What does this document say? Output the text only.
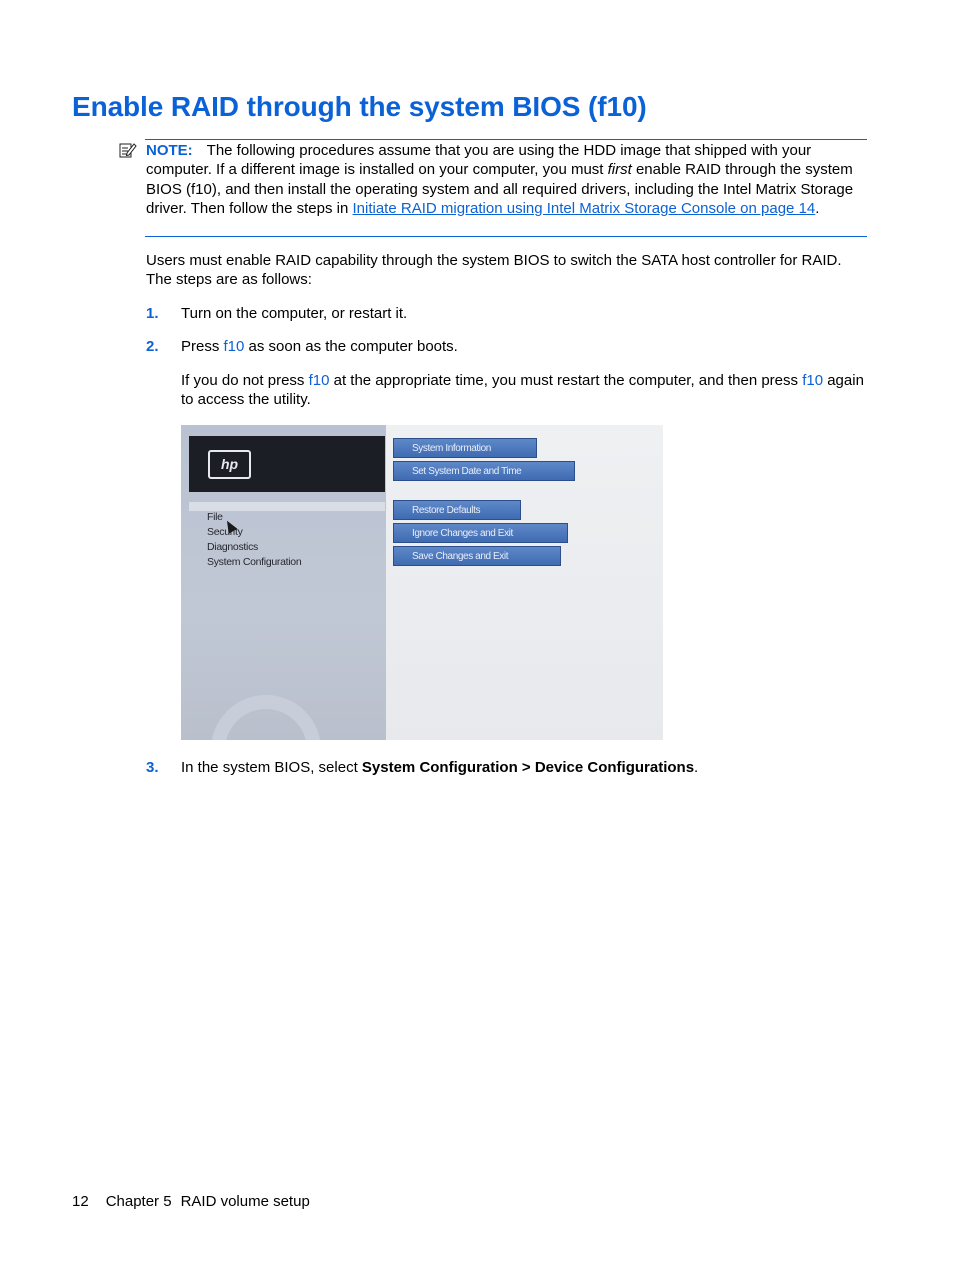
Enable RAID through the system BIOS (f10)
NOTE: The following procedures assume that you are using the HDD image that shipped with your computer. If a different image is installed on your computer, you must first enable RAID through the system BIOS (f10), and then install the operating system and all required drivers, including the Intel Matrix Storage driver. Then follow the steps in Initiate RAID migration using Intel Matrix Storage Console on page 14.
Users must enable RAID capability through the system BIOS to switch the SATA host controller for RAID. The steps are as follows:
1. Turn on the computer, or restart it.
2. Press f10 as soon as the computer boots.
If you do not press f10 at the appropriate time, you must restart the computer, and then press f10 again to access the utility.
hp
File
Security
Diagnostics
System Configuration
System Information
Set System Date and Time
Restore Defaults
Ignore Changes and Exit
Save Changes and Exit
3. In the system BIOS, select System Configuration > Device Configurations.
12 Chapter 5 RAID volume setup
